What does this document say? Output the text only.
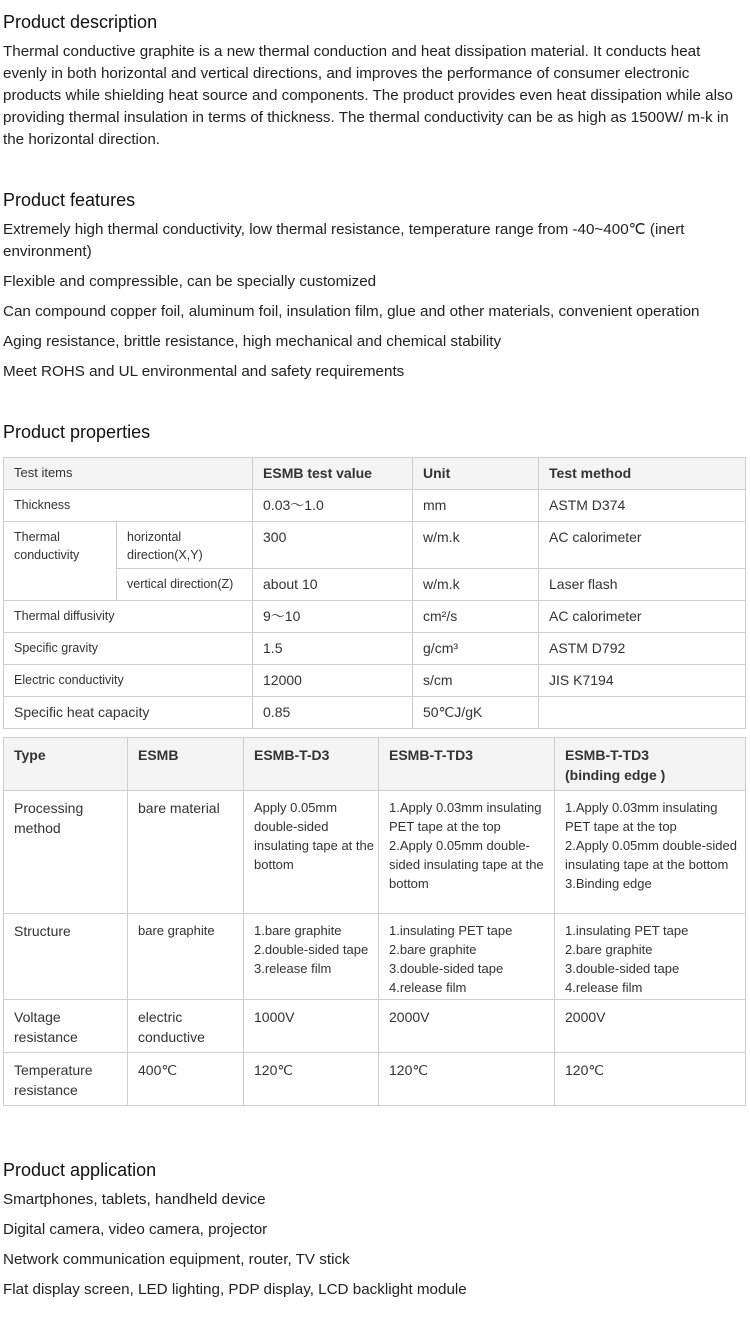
Product description

Thermal conductive graphite is a new thermal conduction and heat dissipation material. It conducts heat evenly in both horizontal and vertical directions, and improves the performance of consumer electronic products while shielding heat source and components. The product provides even heat dissipation while also providing thermal insulation in terms of thickness. The thermal conductivity can be as high as 1500W/ m-k in the horizontal direction.

Product features
Extremely high thermal conductivity, low thermal resistance, temperature range from -40~400℃ (inert environment)
Flexible and compressible, can be specially customized
Can compound copper foil, aluminum foil, insulation film, glue and other materials, convenient operation
Aging resistance, brittle resistance, high mechanical and chemical stability
Meet ROHS and UL environmental and safety requirements
Product properties
Test items		ESMB test value	Unit	Test method
Thickness		0.03～1.0	mm	ASTM D374
Thermal conductivity	horizontal direction(X,Y)	300	w/m.k	AC calorimeter
	vertical direction(Z)	about 10	w/m.k	Laser flash
Thermal diffusivity		9～10	cm²/s	AC calorimeter
Specific gravity		1.5	g/cm³	ASTM D792
Electric conductivity		12000	s/cm	JIS K7194
Specific heat capacity		0.85	50℃J/gK	
Type	ESMB	ESMB-T-D3	ESMB-T-TD3	ESMB-T-TD3
(binding edge )
Processing method	bare material	Apply 0.05mm double-sided insulating tape at the bottom	1.Apply 0.03mm insulating PET tape at the top
2.Apply 0.05mm double-sided insulating tape at the bottom	1.Apply 0.03mm insulating PET tape at the top
2.Apply 0.05mm double-sided insulating tape at the bottom
3.Binding edge
Structure	bare graphite	1.bare graphite
2.double-sided tape
3.release film	1.insulating PET tape
2.bare graphite
3.double-sided tape
4.release film	1.insulating PET tape
2.bare graphite
3.double-sided tape
4.release film
Voltage resistance	electric conductive	1000V	2000V	2000V
Temperature resistance	400℃	120℃	120℃	120℃
Product application
Smartphones, tablets, handheld device
Digital camera, video camera, projector
Network communication equipment, router, TV stick
Flat display screen, LED lighting, PDP display, LCD backlight module
